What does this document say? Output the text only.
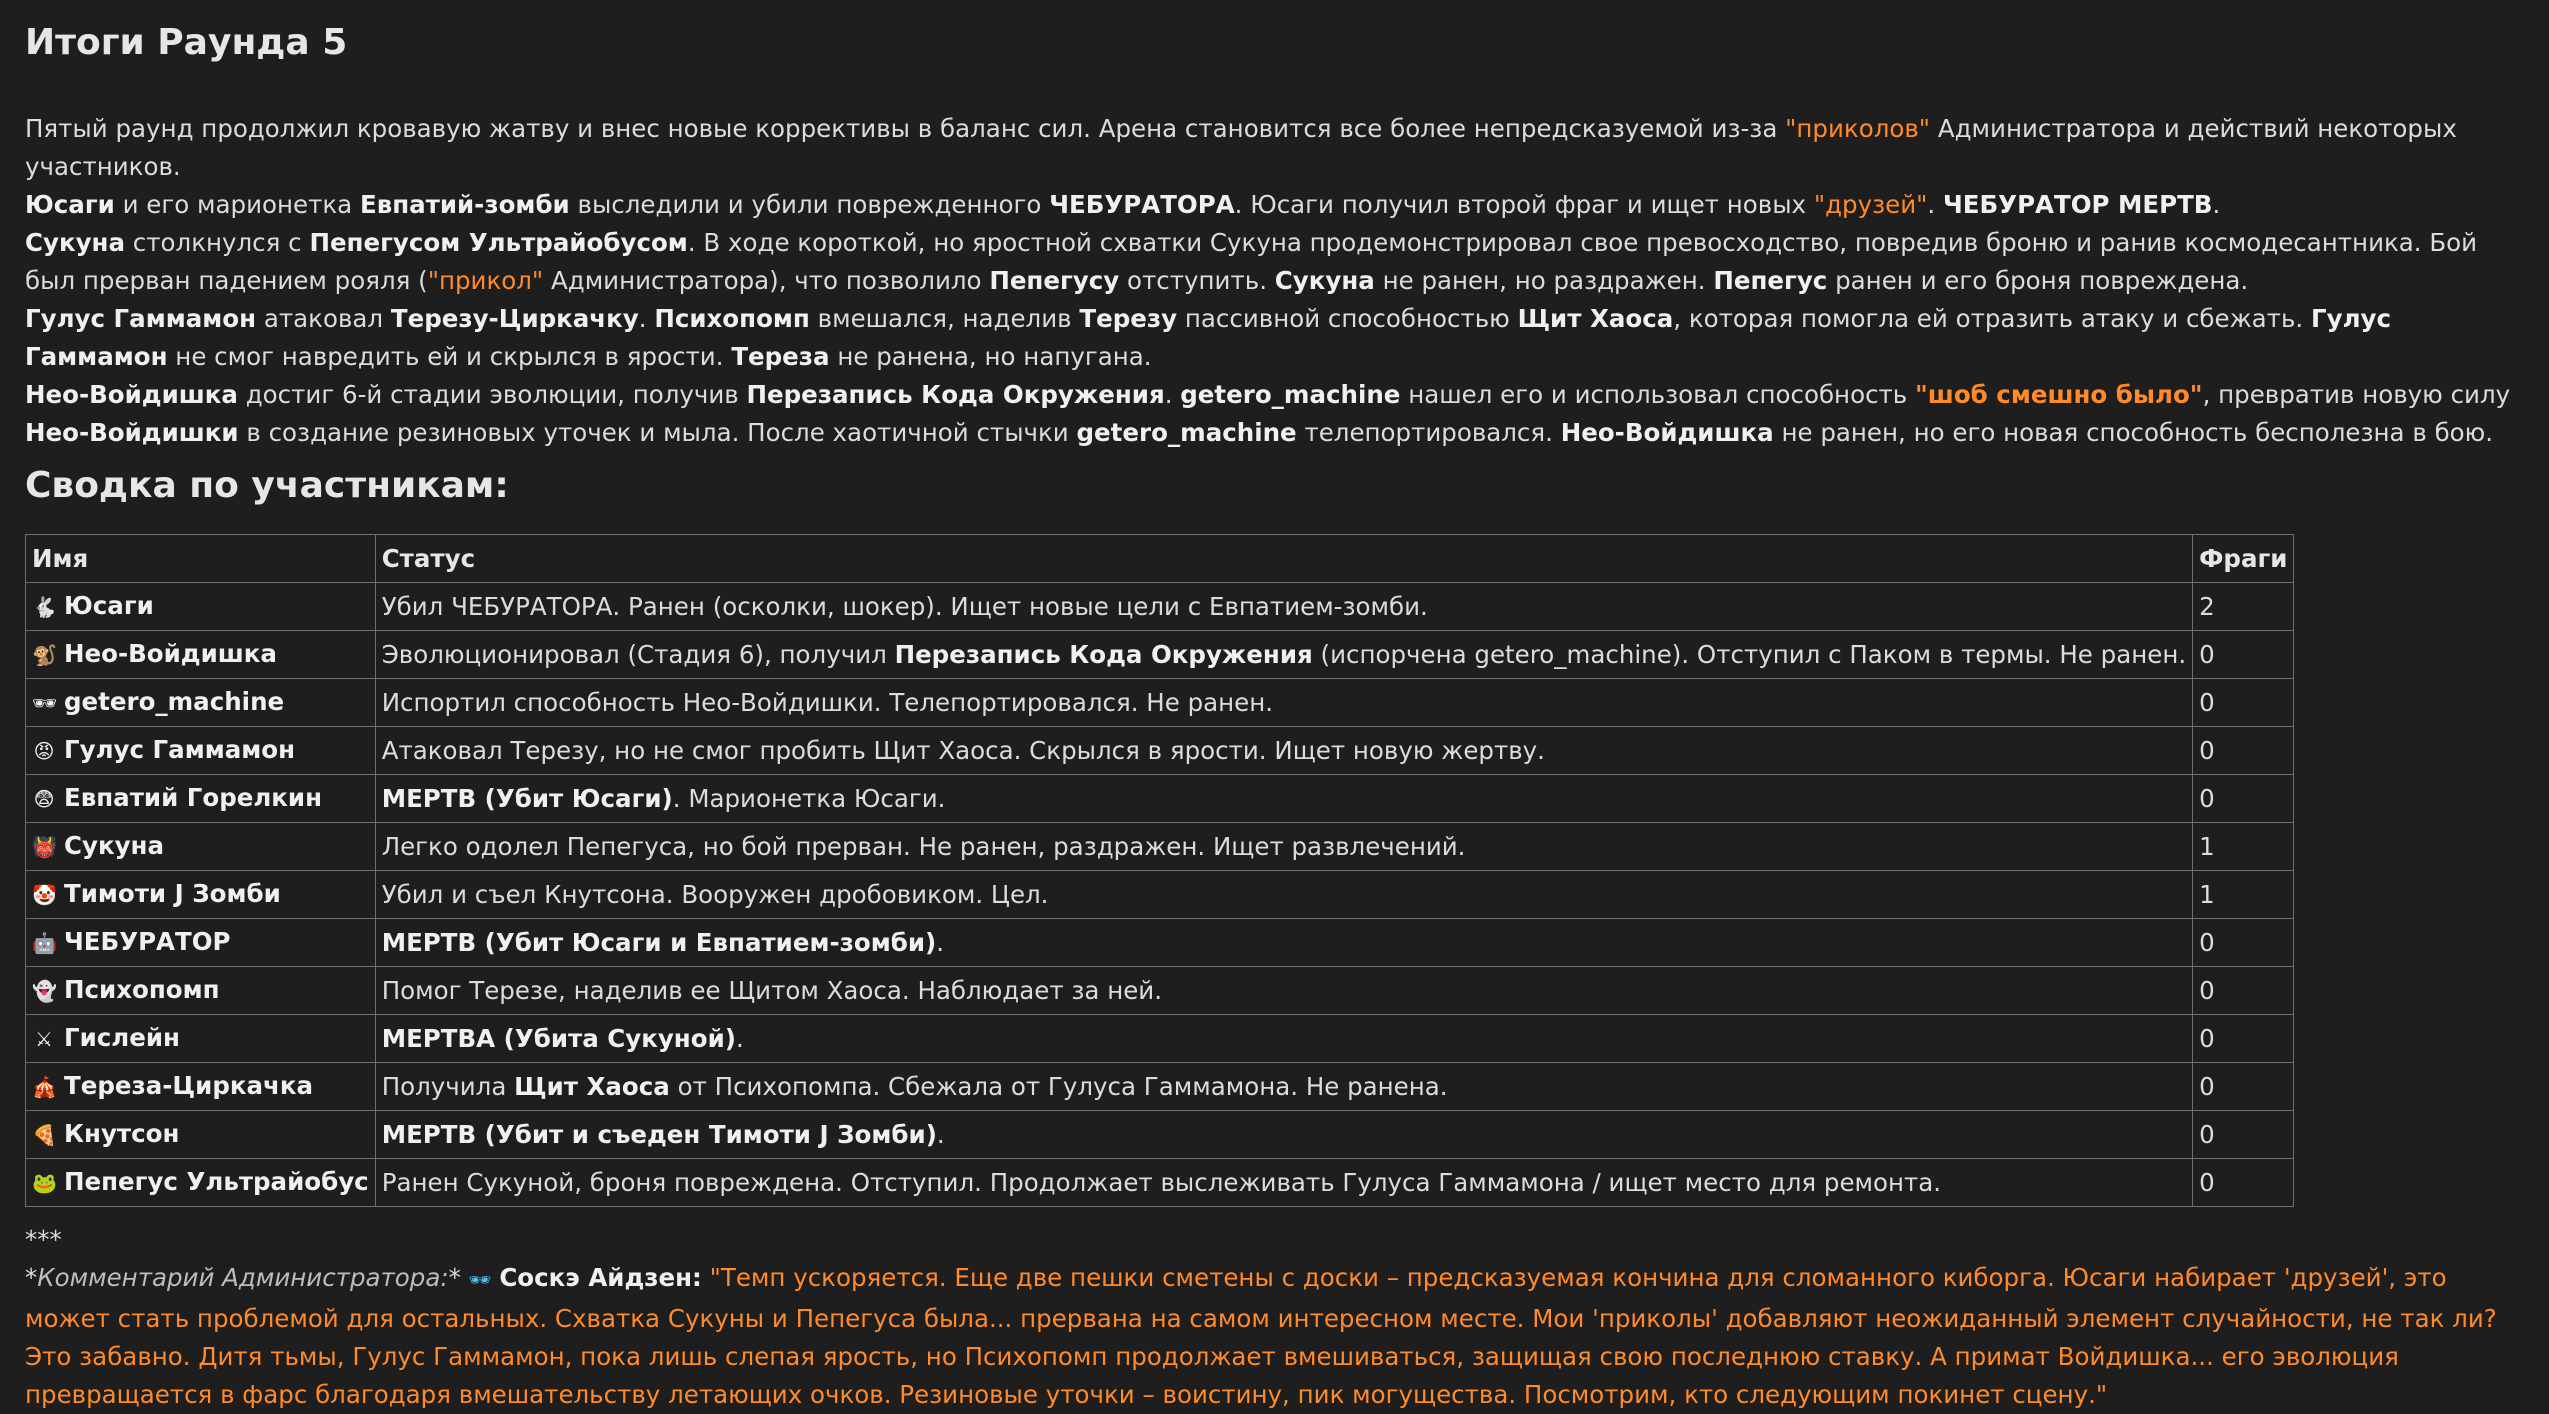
Итоги Раунда 5

Пятый раунд продолжил кровавую жатву и внес новые коррективы в баланс сил. Арена становится все более непредсказуемой из-за "приколов" Администратора и действий некоторых участников.

Юсаги и его марионетка Евпатий-зомби выследили и убили поврежденного ЧЕБУРАТОРА. Юсаги получил второй фраг и ищет новых "друзей". ЧЕБУРАТОР МЕРТВ.

Сукуна столкнулся с Пепегусом Ультрайобусом. В ходе короткой, но яростной схватки Сукуна продемонстрировал свое превосходство, повредив броню и ранив космодесантника. Бой был прерван падением рояля ("прикол" Администратора), что позволило Пепегусу отступить. Сукуна не ранен, но раздражен. Пепегус ранен и его броня повреждена.

Гулус Гаммамон атаковал Терезу-Циркачку. Психопомп вмешался, наделив Терезу пассивной способностью Щит Хаоса, которая помогла ей отразить атаку и сбежать. Гулус Гаммамон не смог навредить ей и скрылся в ярости. Тереза не ранена, но напугана.

Нео-Войдишка достиг 6-й стадии эволюции, получив Перезапись Кода Окружения. getero_machine нашел его и использовал способность "шоб смешно было", превратив новую силу Нео-Войдишки в создание резиновых уточек и мыла. После хаотичной стычки getero_machine телепортировался. Нео-Войдишка не ранен, но его новая способность бесполезна в бою.

Сводка по участникам:
Имя	Статус	Фраги
🐇 Юсаги	Убил ЧЕБУРАТОРА. Ранен (осколки, шокер). Ищет новые цели с Евпатием-зомби.	2
🐒 Нео-Войдишка	Эволюционировал (Стадия 6), получил Перезапись Кода Окружения (испорчена getero_machine). Отступил с Паком в термы. Не ранен.	0
🕶 getero_machine	Испортил способность Нео-Войдишки. Телепортировался. Не ранен.	0
😡 Гулус Гаммамон	Атаковал Терезу, но не смог пробить Щит Хаоса. Скрылся в ярости. Ищет новую жертву.	0
😨 Евпатий Горелкин	МЕРТВ (Убит Юсаги). Марионетка Юсаги.	0
👹 Сукуна	Легко одолел Пепегуса, но бой прерван. Не ранен, раздражен. Ищет развлечений.	1
🤡 Тимоти J Зомби	Убил и съел Кнутсона. Вооружен дробовиком. Цел.	1
🤖 ЧЕБУРАТОР	МЕРТВ (Убит Юсаги и Евпатием-зомби).	0
👻 Психопомп	Помог Терезе, наделив ее Щитом Хаоса. Наблюдает за ней.	0
⚔ Гислейн	МЕРТВА (Убита Сукуной).	0
🎪 Тереза-Циркачка	Получила Щит Хаоса от Психопомпа. Сбежала от Гулуса Гаммамона. Не ранена.	0
🍕 Кнутсон	МЕРТВ (Убит и съеден Тимоти J Зомби).	0
🐸 Пепегус Ультрайобус	Ранен Сукуной, броня повреждена. Отступил. Продолжает выслеживать Гулуса Гаммамона / ищет место для ремонта.	0
***
*Комментарий Администратора:* 🕶 Соскэ Айдзен: "Темп ускоряется. Еще две пешки сметены с доски – предсказуемая кончина для сломанного киборга. Юсаги набирает 'друзей', это может стать проблемой для остальных. Схватка Сукуны и Пепегуса была... прервана на самом интересном месте. Мои 'приколы' добавляют неожиданный элемент случайности, не так ли? Это забавно. Дитя тьмы, Гулус Гаммамон, пока лишь слепая ярость, но Психопомп продолжает вмешиваться, защищая свою последнюю ставку. А примат Войдишка... его эволюция превращается в фарс благодаря вмешательству летающих очков. Резиновые уточки – воистину, пик могущества. Посмотрим, кто следующим покинет сцену."
